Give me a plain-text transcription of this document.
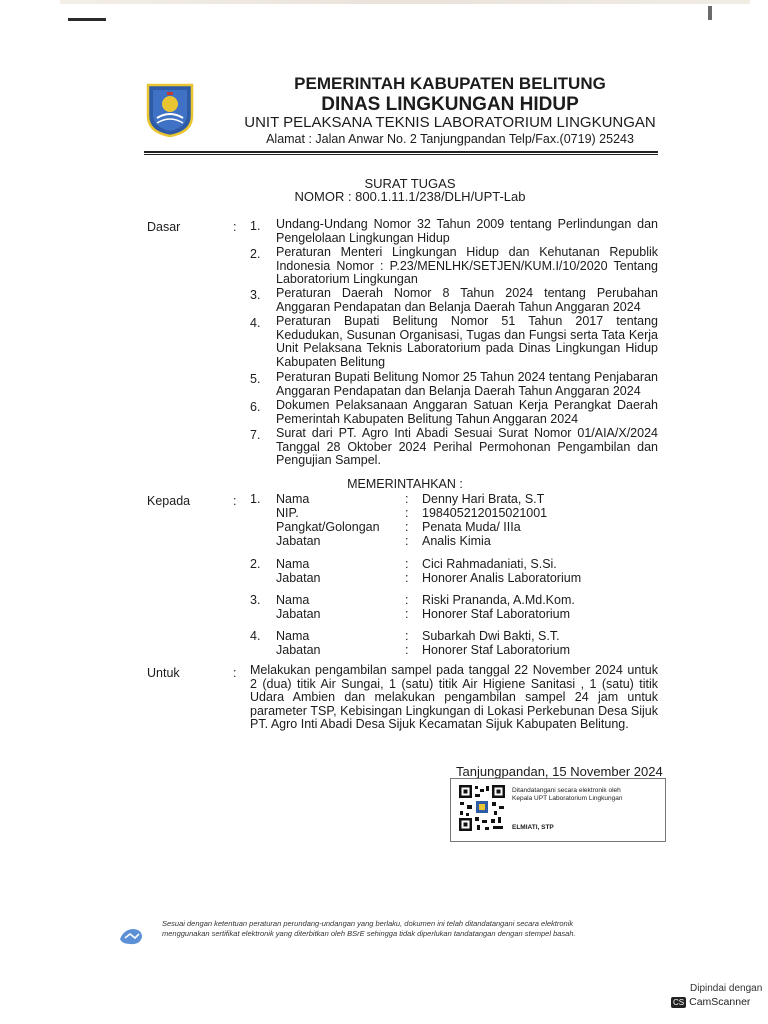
PEMERINTAH KABUPATEN BELITUNG
DINAS LINGKUNGAN HIDUP
UNIT PELAKSANA TEKNIS LABORATORIUM LINGKUNGAN
Alamat : Jalan Anwar No. 2 Tanjungpandan Telp/Fax.(0719) 25243
SURAT TUGAS
NOMOR : 800.1.11.1/238/DLH/UPT-Lab
Dasar	: 1. Undang-Undang Nomor 32 Tahun 2009 tentang Perlindungan dan Pengelolaan Lingkungan Hidup
2. Peraturan Menteri Lingkungan Hidup dan Kehutanan Republik Indonesia Nomor : P.23/MENLHK/SETJEN/KUM.I/10/2020 Tentang Laboratorium Lingkungan
3. Peraturan Daerah Nomor 8 Tahun 2024 tentang Perubahan Anggaran Pendapatan dan Belanja Daerah Tahun Anggaran 2024
4. Peraturan Bupati Belitung Nomor 51 Tahun 2017 tentang Kedudukan, Susunan Organisasi, Tugas dan Fungsi serta Tata Kerja Unit Pelaksana Teknis Laboratorium pada Dinas Lingkungan Hidup Kabupaten Belitung
5. Peraturan Bupati Belitung Nomor 25 Tahun 2024 tentang Penjabaran Anggaran Pendapatan dan Belanja Daerah Tahun Anggaran 2024
6. Dokumen Pelaksanaan Anggaran Satuan Kerja Perangkat Daerah Pemerintah Kabupaten Belitung Tahun Anggaran 2024
7. Surat dari PT. Agro Inti Abadi Sesuai Surat Nomor 01/AIA/X/2024 Tanggal 28 Oktober 2024 Perihal Permohonan Pengambilan dan Pengujian Sampel.
MEMERINTAHKAN :
Kepada	: 1. Nama	: Denny Hari Brata, S.T
NIP.	: 198405212015021001
Pangkat/Golongan : Penata Muda/ IIIa
Jabatan	: Analis Kimia
2. Nama	: Cici Rahmadaniati, S.Si.
Jabatan	: Honorer Analis Laboratorium
3. Nama	: Riski Prananda, A.Md.Kom.
Jabatan	: Honorer Staf Laboratorium
4. Nama	: Subarkah Dwi Bakti, S.T.
Jabatan	: Honorer Staf Laboratorium
Untuk	: Melakukan pengambilan sampel pada tanggal 22 November 2024 untuk 2 (dua) titik Air Sungai, 1 (satu) titik Air Higiene Sanitasi , 1 (satu) titik Udara Ambien dan melakukan pengambilan sampel 24 jam untuk parameter TSP, Kebisingan Lingkungan di Lokasi Perkebunan Desa Sijuk PT. Agro Inti Abadi Desa Sijuk Kecamatan Sijuk Kabupaten Belitung.
Tanjungpandan, 15 November 2024
Ditandatangani secara elektronik oleh
Kepala UPT Laboratorium Lingkungan
ELMIATI, STP
Sesuai dengan ketentuan peraturan perundang-undangan yang berlaku, dokumen ini telah ditandatangani secara elektronik
menggunakan sertifikat elektronik yang diterbitkan oleh BSrE sehingga tidak diperlukan tandatangan dengan stempel basah.
Dipindai dengan
CS CamScanner
